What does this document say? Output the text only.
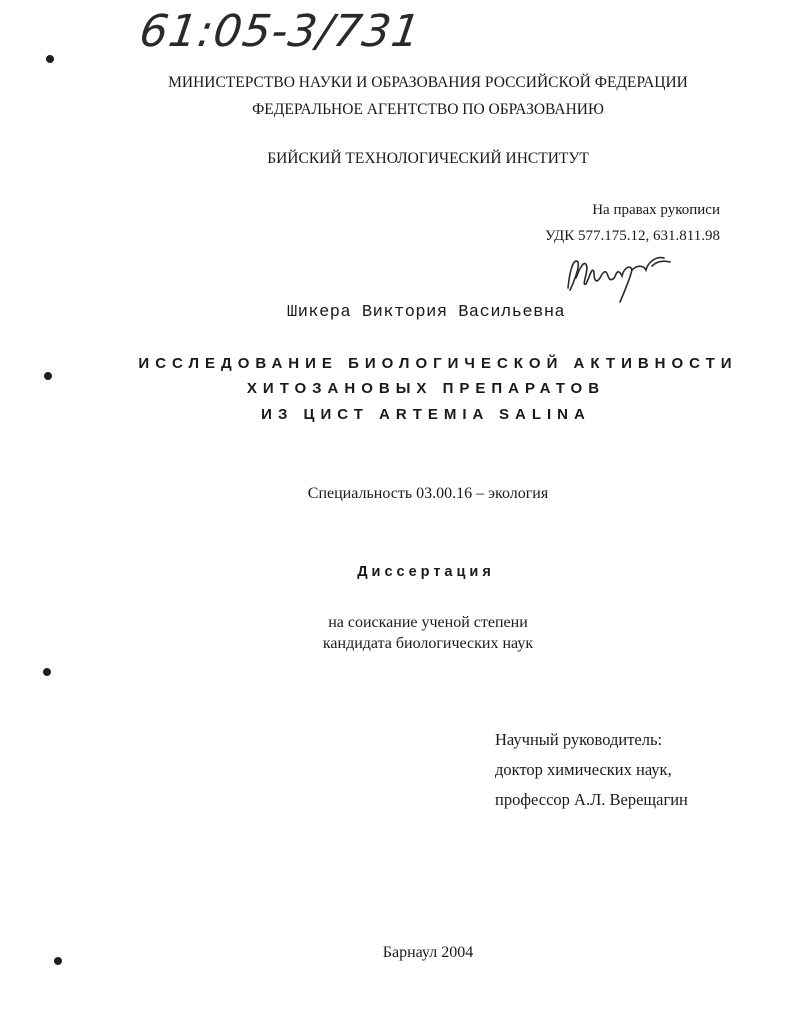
61:05-3/731
МИНИСТЕРСТВО НАУКИ И ОБРАЗОВАНИЯ РОССИЙСКОЙ ФЕДЕРАЦИИ
ФЕДЕРАЛЬНОЕ АГЕНТСТВО ПО ОБРАЗОВАНИЮ
БИЙСКИЙ ТЕХНОЛОГИЧЕСКИЙ ИНСТИТУТ
На правах рукописи
УДК 577.175.12, 631.811.98
Шикера Виктория Васильевна
ИССЛЕДОВАНИЕ БИОЛОГИЧЕСКОЙ АКТИВНОСТИ
ХИТОЗАНОВЫХ ПРЕПАРАТОВ
ИЗ ЦИСТ ARTEMIA SALINA
Специальность 03.00.16 – экология
Диссертация
на соискание ученой степени
кандидата биологических наук
Научный руководитель:
доктор химических наук,
профессор А.Л. Верещагин
Барнаул 2004
